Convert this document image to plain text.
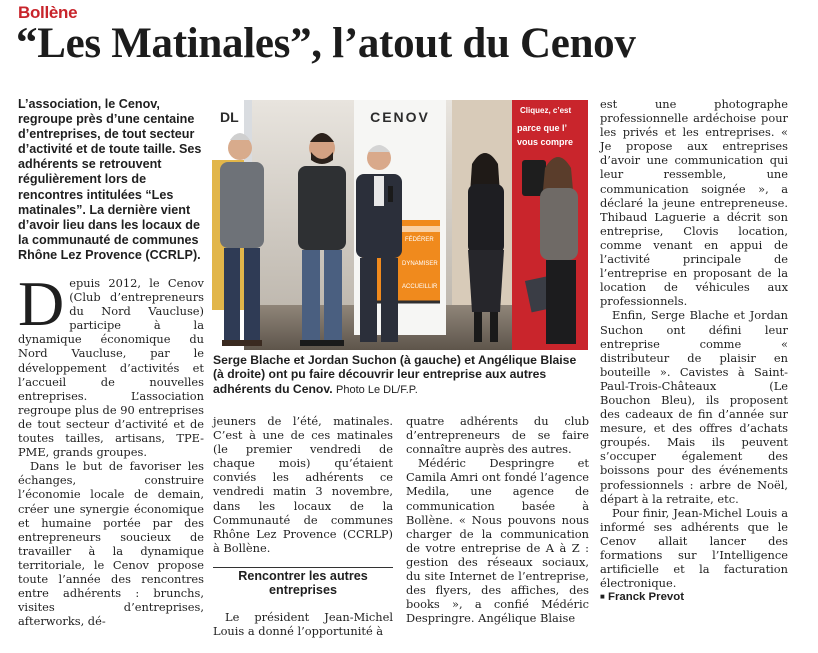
Bollène
“Les Matinales”, l’atout du Cenov
L’association, le Cenov, regroupe près d’une centaine d’entreprises, de tout secteur d’activité et de toute taille. Ses adhérents se retrouvent régulièrement lors de rencontres intitulées “Les matinales”. La dernière vient d’avoir lieu dans les locaux de la communauté de communes Rhône Lez Provence (CCRLP).
D epuis 2012, le Cenov (Club d’entrepreneurs du Nord Vaucluse) participe à la dynamique économique du Nord Vaucluse, par le développement d’activités et l’accueil de nouvelles entreprises. L’association regroupe plus de 90 entreprises de tout secteur d’activité et de toutes tailles, artisans, TPE-PME, grands groupes.

Dans le but de favoriser les échanges, construire l’économie locale de demain, créer une synergie économique et humaine portée par des entrepreneurs soucieux de travailler à la dynamique territoriale, le Cenov propose toute l’année des rencontres entre adhérents : brunchs, visites d’entreprises, afterworks, dé-

CENOV
FÉDÉRER
DYNAMISER
ACCUEILLIR
DL	Cliquez, c’est
parce que l’
vous compre
Serge Blache et Jordan Suchon (à gauche) et Angélique Blaise (à droite) ont pu faire découvrir leur entreprise aux autres adhérents du Cenov. Photo Le DL/F.P.

jeuners de l’été, matinales. C’est à une de ces matinales (le premier vendredi de chaque mois) qu’étaient conviés les adhérents ce vendredi matin 3 novembre, dans les locaux de la Communauté de communes Rhône Lez Provence (CCRLP) à Bollène.

Rencontrer les autres entreprises

Le président Jean-Michel Louis a donné l’opportunité à

quatre adhérents du club d’entrepreneurs de se faire connaître auprès des autres.

Médéric Despringre et Camila Amri ont fondé l’agence Medila, une agence de communication basée à Bollène. « Nous pouvons nous charger de la communication de votre entreprise de A à Z : gestion des réseaux sociaux, du site Internet de l’entreprise, des flyers, des affiches, des books », a confié Médéric Despringre. Angélique Blaise

est une photographe professionnelle ardéchoise pour les privés et les entreprises. « Je propose aux entreprises d’avoir une communication qui leur ressemble, une communication soignée », a déclaré la jeune entrepreneuse. Thibaud Laguerie a décrit son entreprise, Clovis location, comme venant en appui de l’activité principale de l’entreprise en proposant de la location de véhicules aux professionnels.

Enfin, Serge Blache et Jordan Suchon ont défini leur entreprise comme « distributeur de plaisir en bouteille ». Cavistes à Saint-Paul-Trois-Châteaux (Le Bouchon Bleu), ils proposent des cadeaux de fin d’année sur mesure, et des offres d’achats groupés. Mais ils peuvent s’occuper également des boissons pour des événements professionnels : arbre de Noël, départ à la retraite, etc.

Pour finir, Jean-Michel Louis a informé ses adhérents que le Cenov allait lancer des formations sur l’Intelligence artificielle et la facturation électronique.

■ Franck Prevot
